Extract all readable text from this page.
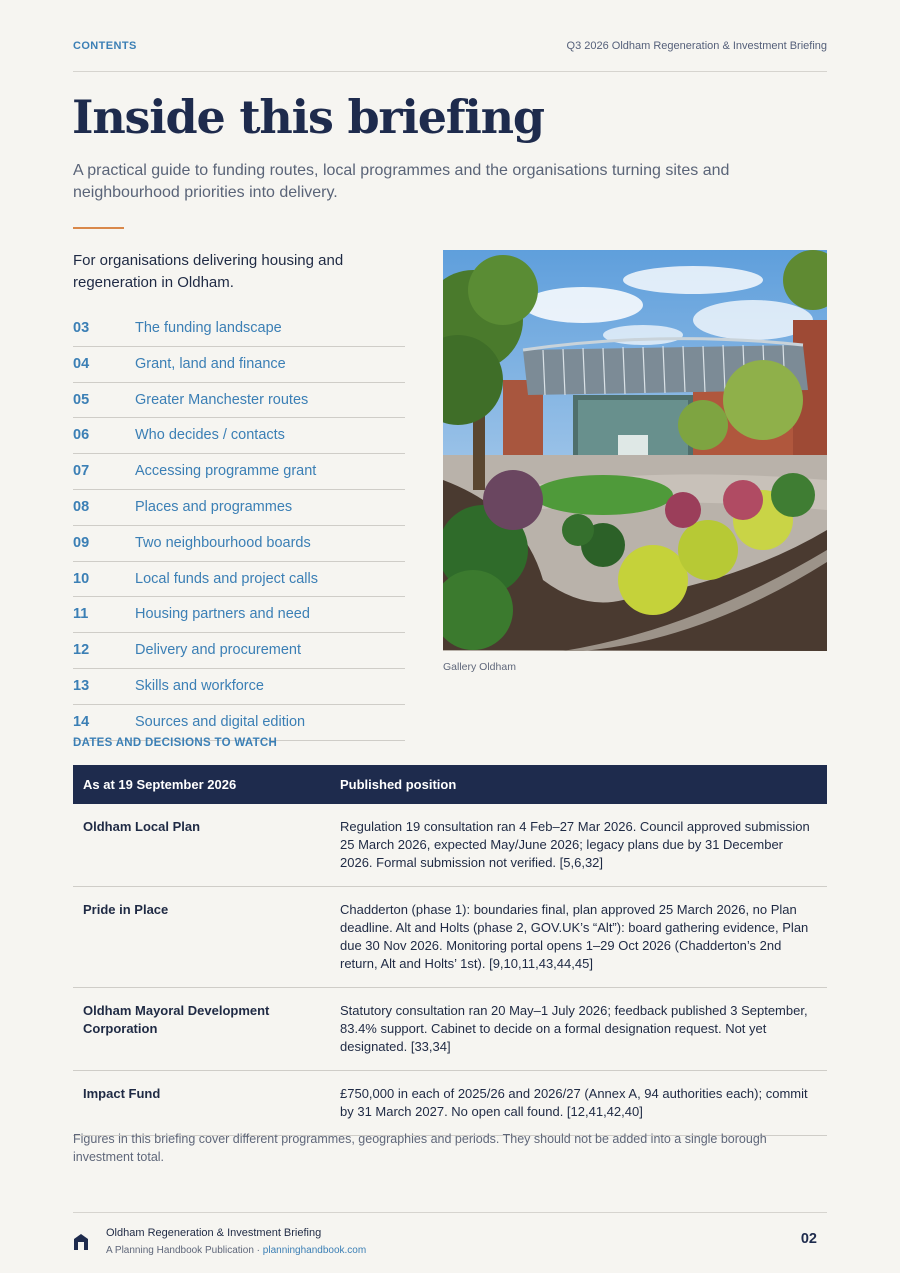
CONTENTS	Q3 2026 Oldham Regeneration & Investment Briefing
Inside this briefing

A practical guide to funding routes, local programmes and the organisations turning sites and neighbourhood priorities into delivery.

For organisations delivering housing and regeneration in Oldham.

03	The funding landscape
04	Grant, land and finance
05	Greater Manchester routes
06	Who decides / contacts
07	Accessing programme grant
08	Places and programmes
09	Two neighbourhood boards
10	Local funds and project calls
11	Housing partners and need
12	Delivery and procurement
13	Skills and workforce
14	Sources and digital edition
Gallery Oldham
DATES AND DECISIONS TO WATCH
As at 19 September 2026	Published position
Oldham Local Plan	Regulation 19 consultation ran 4 Feb–27 Mar 2026. Council approved submission 25 March 2026, expected May/June 2026; legacy plans due by 31 December 2026. Formal submission not verified. [5,6,32]
Pride in Place	Chadderton (phase 1): boundaries final, plan approved 25 March 2026, no Plan deadline. Alt and Holts (phase 2, GOV.UK’s “Alt”): board gathering evidence, Plan due 30 Nov 2026. Monitoring portal opens 1–29 Oct 2026 (Chadderton’s 2nd return, Alt and Holts’ 1st). [9,10,11,43,44,45]
Oldham Mayoral Development Corporation	Statutory consultation ran 20 May–1 July 2026; feedback published 3 September, 83.4% support. Cabinet to decide on a formal designation request. Not yet designated. [33,34]
Impact Fund	£750,000 in each of 2025/26 and 2026/27 (Annex A, 94 authorities each); commit by 31 March 2027. No open call found. [12,41,42,40]

Figures in this briefing cover different programmes, geographies and periods. They should not be added into a single borough investment total.

Oldham Regeneration & Investment Briefing
A Planning Handbook Publication · planninghandbook.com
02
